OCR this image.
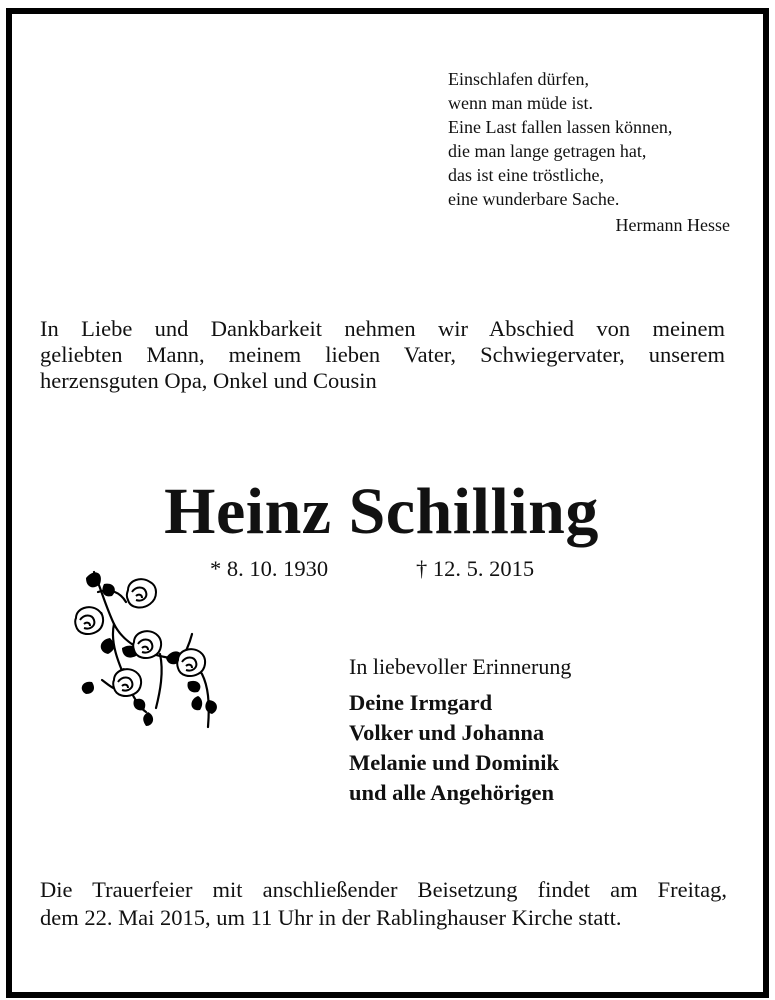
Einschlafen dürfen,
wenn man müde ist.
Eine Last fallen lassen können,
die man lange getragen hat,
das ist eine tröstliche,
eine wunderbare Sache.
Hermann Hesse
In Liebe und Dankbarkeit nehmen wir Abschied von meinem
geliebten Mann, meinem lieben Vater, Schwiegervater, unserem
herzensguten Opa, Onkel und Cousin
Heinz Schilling
* 8. 10. 1930	† 12. 5. 2015
In liebevoller Erinnerung
Deine Irmgard
Volker und Johanna
Melanie und Dominik
und alle Angehörigen
Die Trauerfeier mit anschließender Beisetzung findet am Freitag,
dem 22. Mai 2015, um 11 Uhr in der Rablinghauser Kirche statt.
